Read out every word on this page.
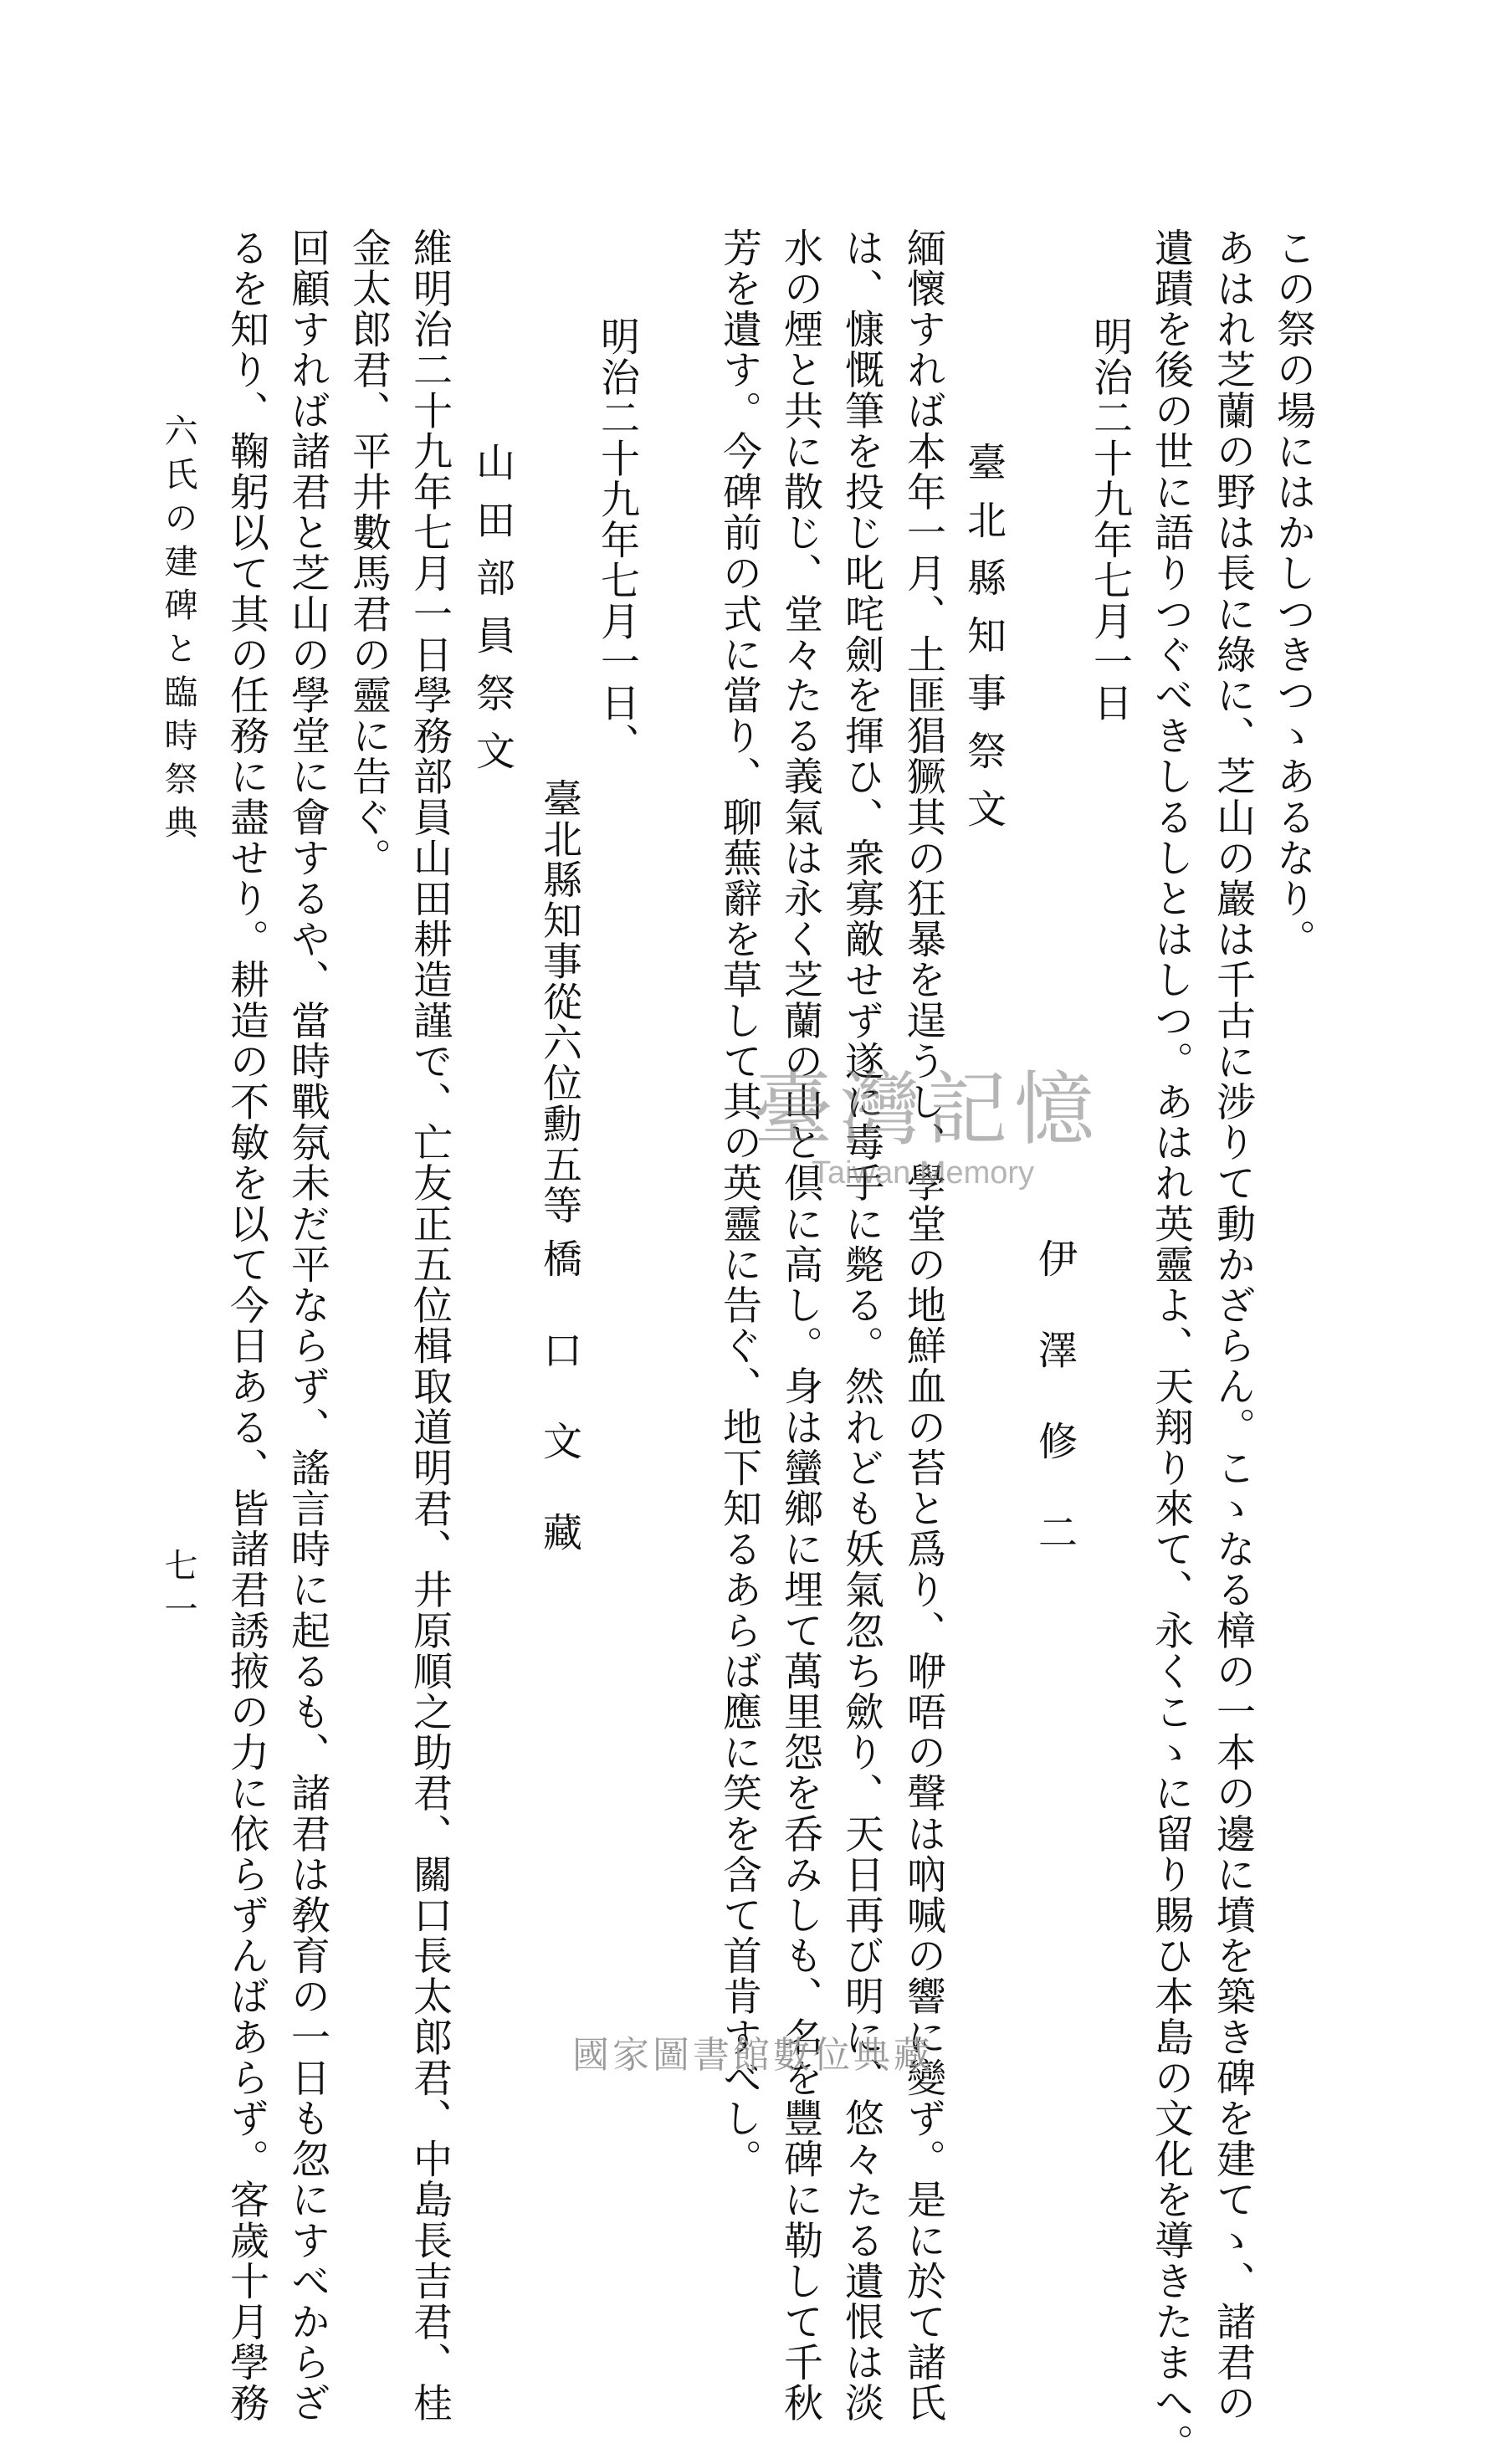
この祭の場にはかしつきつゝあるなり。
あはれ芝蘭の野は長に綠に、芝山の巖は千古に涉りて動かざらん。こゝなる樟の一本の邊に墳を築き碑を建てゝ、諸君の
遺蹟を後の世に語りつぐべきしるしとはしつ。あはれ英靈よ、天翔り來て、永くこゝに留り賜ひ本島の文化を導きたまへ。
明治二十九年七月一日
伊澤修二
臺北縣知事祭文
緬懷すれば本年一月、土匪猖獗其の狂暴を逞うし、學堂の地鮮血の苔と爲り、咿唔の聲は吶喊の響に變ず。是に於て諸氏
は、慷慨筆を投じ叱咤劍を揮ひ、衆寡敵せず遂に毒手に斃る。然れども妖氣忽ち歛り、天日再び明に、悠々たる遺恨は淡
水の煙と共に散じ、堂々たる義氣は永く芝蘭の山と倶に高し。身は蠻鄉に埋て萬里怨を呑みしも、名を豐碑に勒して千秋
芳を遺す。今碑前の式に當り、聊蕪辭を草して其の英靈に告ぐ、地下知るあらば應に笑を含て首肯すべし。
明治二十九年七月一日、
臺北縣知事從六位勳五等
橋口文藏
山田部員祭文
維明治二十九年七月一日學務部員山田耕造謹で、亡友正五位楫取道明君、井原順之助君、關口長太郎君、中島長吉君、桂
金太郎君、平井數馬君の靈に告ぐ。
回顧すれば諸君と芝山の學堂に會するや、當時戰氛未だ平ならず、謠言時に起るも、諸君は敎育の一日も忽にすべからざ
るを知り、鞠躬以て其の任務に盡せり。耕造の不敏を以て今日ある、皆諸君誘掖の力に依らずんばあらず。客歲十月學務
六氏の建碑と臨時祭典
七一
臺灣記憶
Taiwan Memory
國家圖書館數位典藏
